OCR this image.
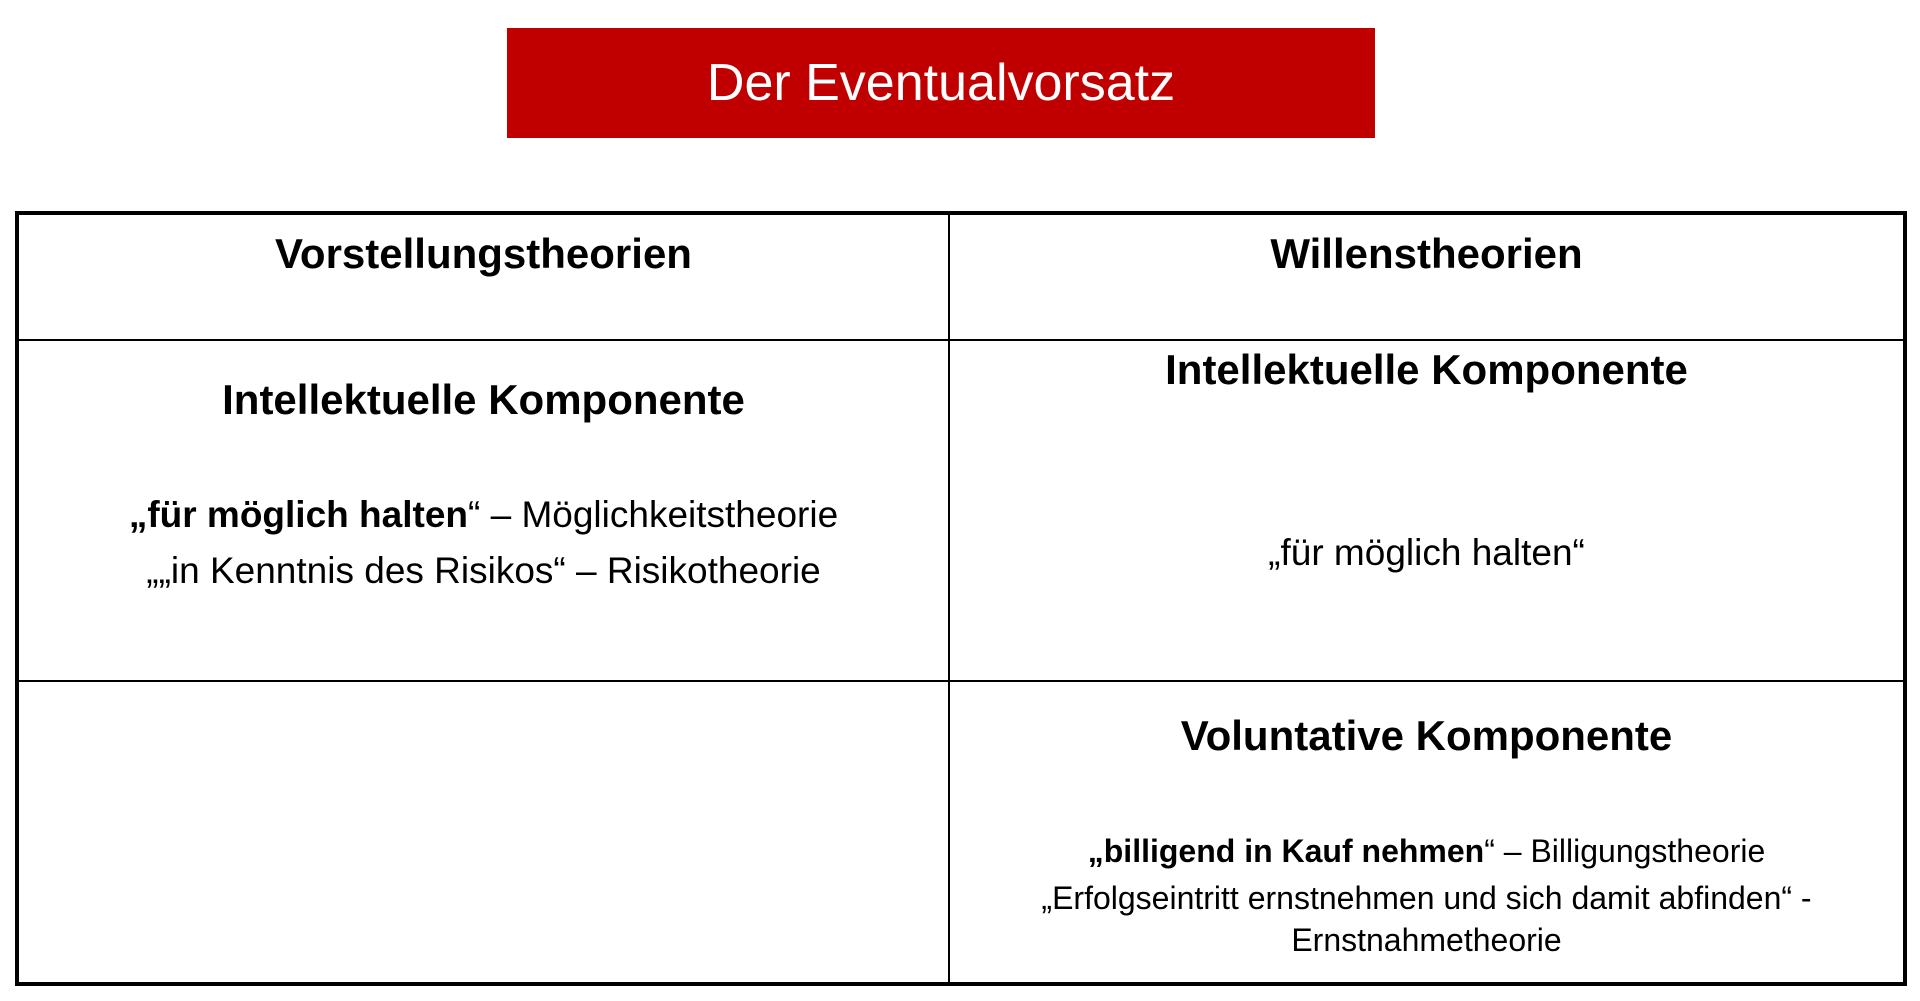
Der Eventualvorsatz
Vorstellungstheorien	Willenstheorien
Intellektuelle Komponente
„für möglich halten“ – Möglichkeitstheorie
„„in Kenntnis des Risikos“ – Risikotheorie
Intellektuelle Komponente
„für möglich halten“
Voluntative Komponente
„billigend in Kauf nehmen“ – Billigungstheorie
„Erfolgseintritt ernstnehmen und sich damit abfinden“ -
Ernstnahmetheorie
